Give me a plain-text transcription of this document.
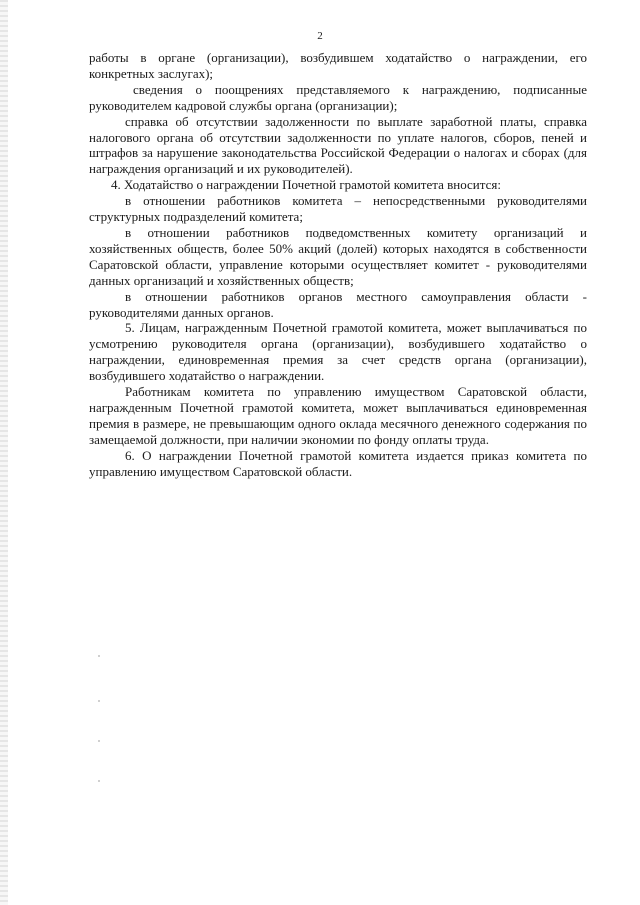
2

работы в органе (организации), возбудившем ходатайство о награждении, его конкретных заслугах);

сведения о поощрениях представляемого к награждению, подписанные руководителем кадровой службы органа (организации);

справка об отсутствии задолженности по выплате заработной платы, справка налогового органа об отсутствии задолженности по уплате налогов, сборов, пеней и штрафов за нарушение законодательства Российской Федерации о налогах и сборах (для награждения организаций и их руководителей).

4. Ходатайство о награждении Почетной грамотой комитета вносится:

в отношении работников комитета – непосредственными руководителями структурных подразделений комитета;

в отношении работников подведомственных комитету организаций и хозяйственных обществ, более 50% акций (долей) которых находятся в собственности Саратовской области, управление которыми осуществляет комитет - руководителями данных организаций и хозяйственных обществ;

в отношении работников органов местного самоуправления области - руководителями данных органов.

5. Лицам, награжденным Почетной грамотой комитета, может выплачиваться по усмотрению руководителя органа (организации), возбудившего ходатайство о награждении, единовременная премия за счет средств органа (организации), возбудившего ходатайство о награждении.

Работникам комитета по управлению имуществом Саратовской области, награжденным Почетной грамотой комитета, может выплачиваться единовременная премия в размере, не превышающим одного оклада месячного денежного содержания по замещаемой должности, при наличии экономии по фонду оплаты труда.

6. О награждении Почетной грамотой комитета издается приказ комитета по управлению имуществом Саратовской области.
